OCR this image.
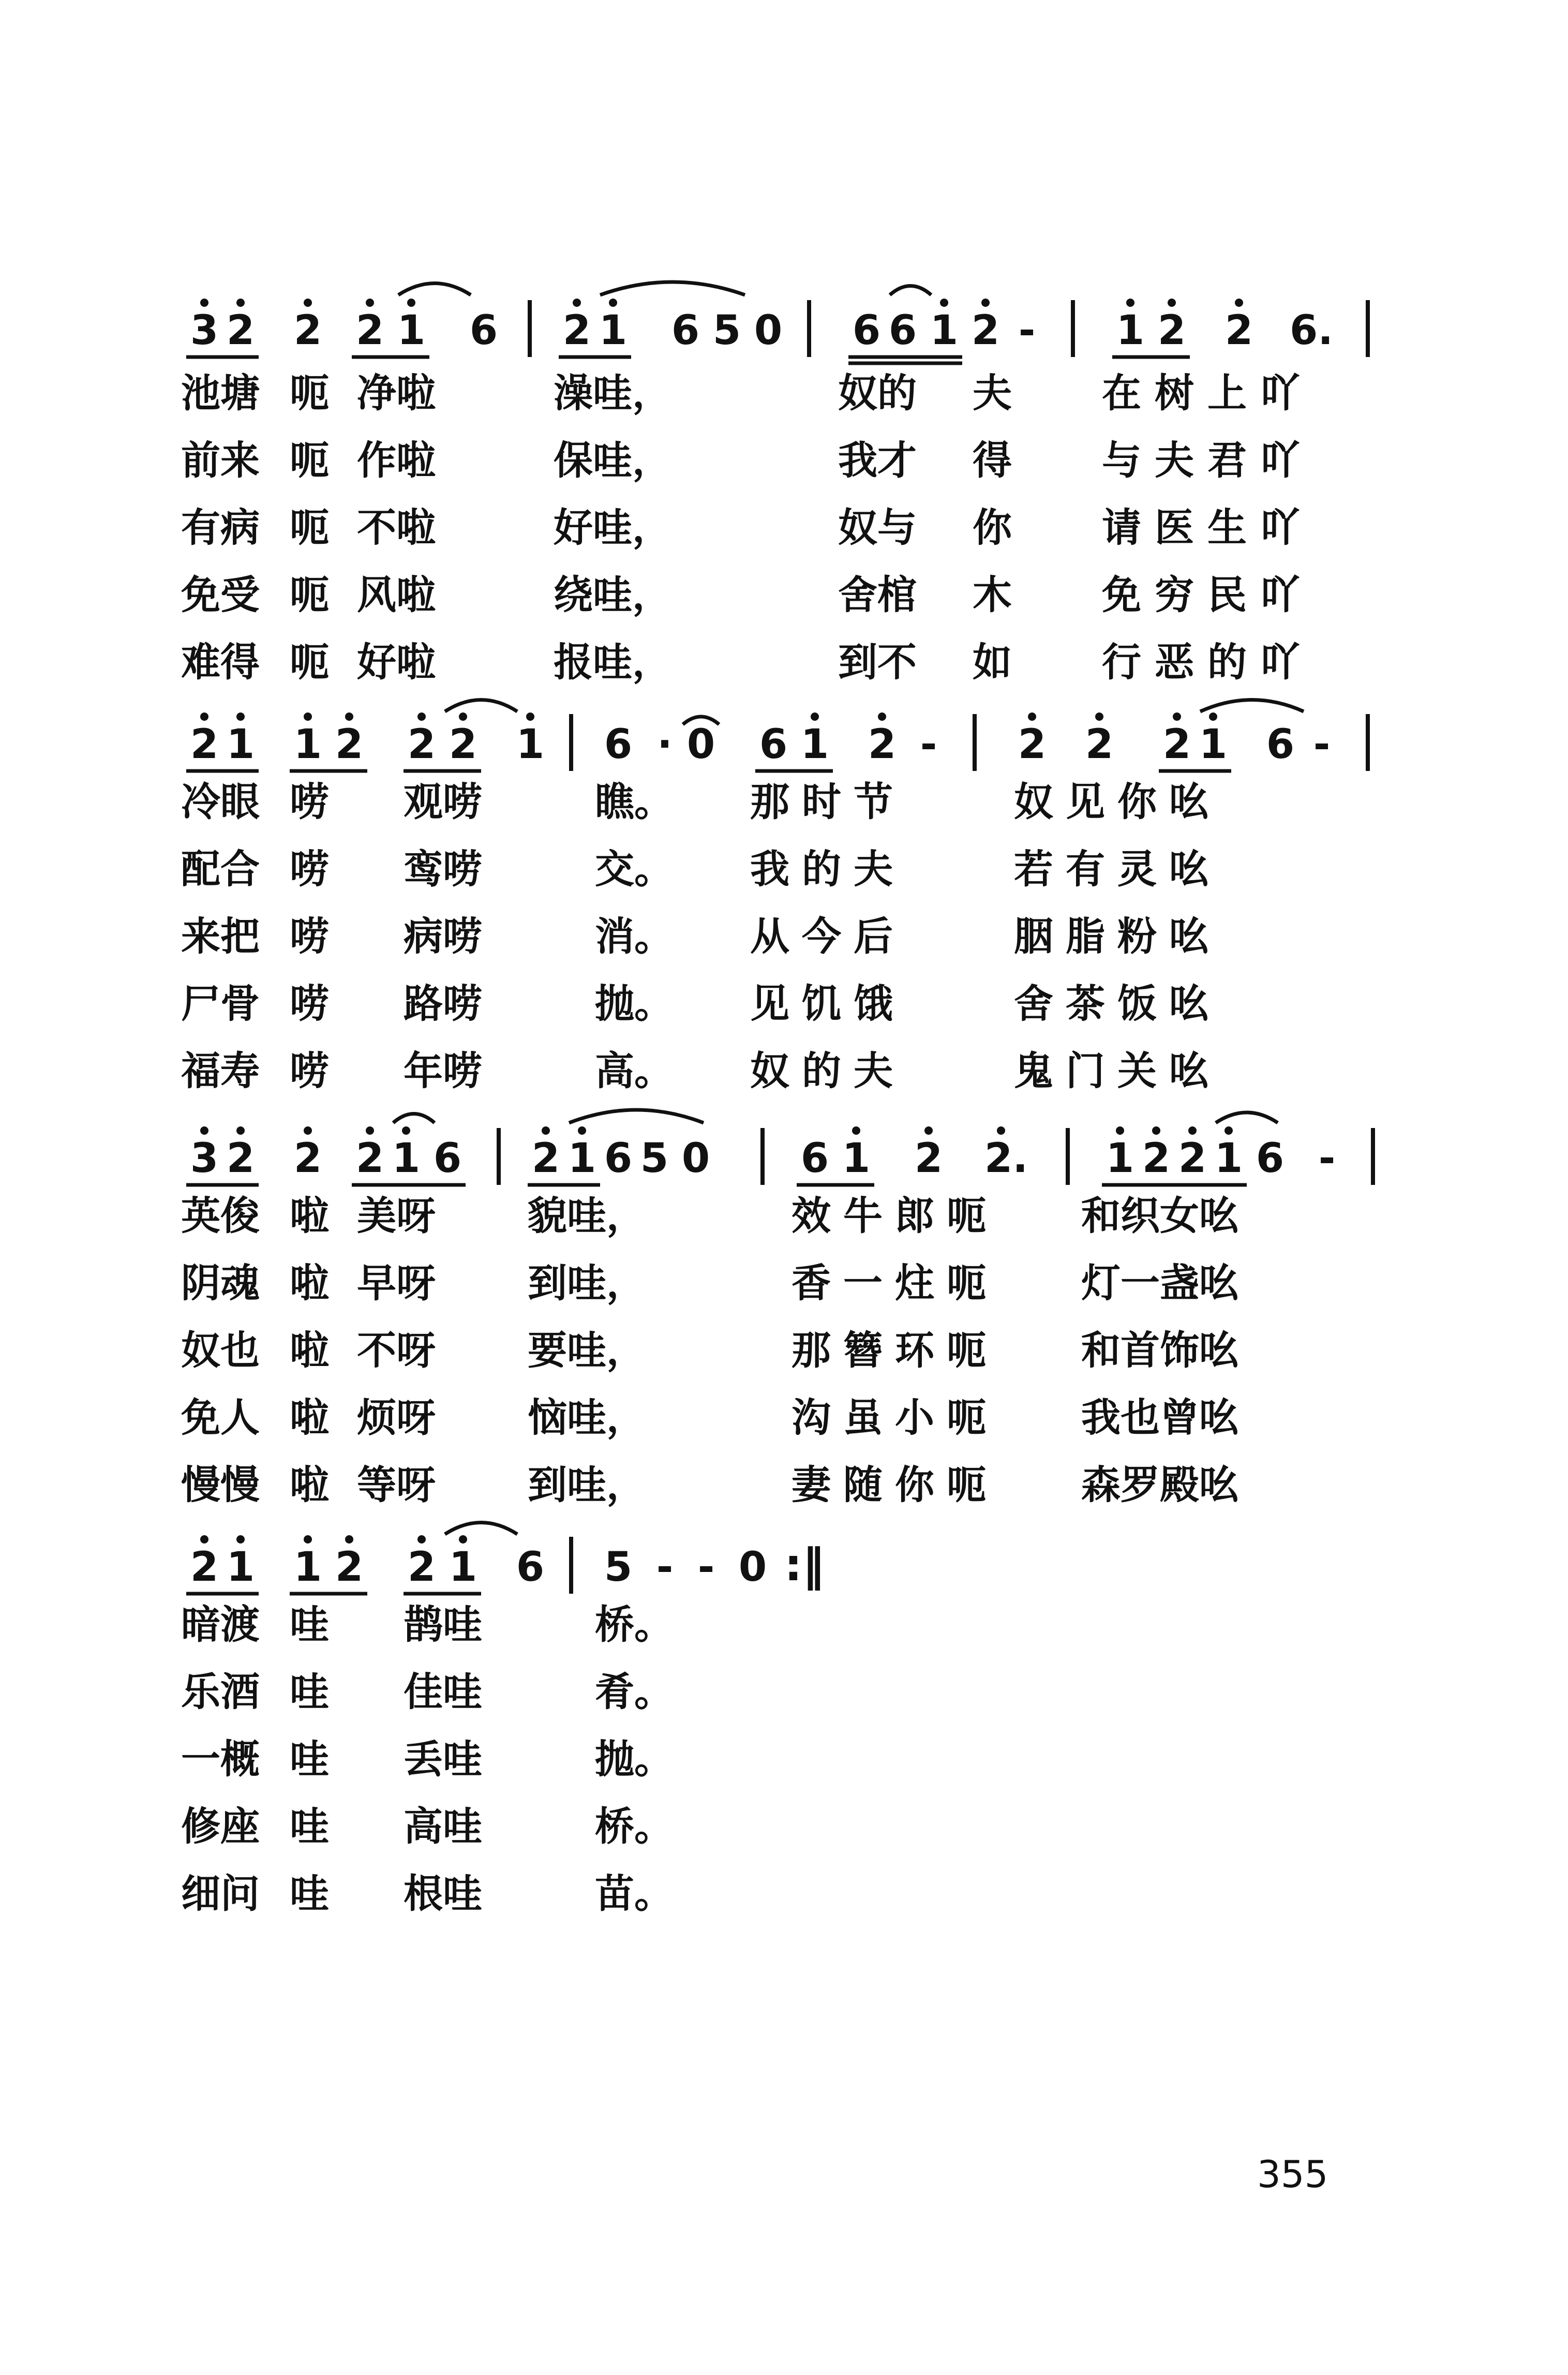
3 2 2 2 1 6 2 1 6 5 0 6 6 1 2 - 1 2 2 6.
池塘 呃 净啦	澡哇，	奴的 夫 在树上吖
前来 呃 作啦	保哇，	我才 得 与夫君吖
有病 呃 不啦	好哇，	奴与 你 请医生吖
免受 呃 风啦	绕哇，	舍棺 木 免穷民吖
难得 呃 好啦	报哇，	到不 如 行恶的吖
2 1 1 2 2 2 1 6 · 0 6 1 2 - 2 2 2 1 6 -
冷眼 唠 观唠	瞧。 那时节	奴见你吆
配合 唠 鸾唠	交。 我的夫	若有灵吆
来把 唠 病唠	消。 从今后	胭脂粉吆
尸骨 唠 路唠	抛。 见饥饿	舍茶饭吆
福寿 唠 年唠	高。 奴的夫	鬼门关吆
3 2 2 2 1 6 2 1 6 5 0 6 1 2 2. 1 2 2 1 6 -
英俊 啦 美呀 貌哇，	效牛郎呃 和织女吆
阴魂 啦 早呀 到哇，	香一炷呃 灯一盏吆
奴也 啦 不呀 要哇，	那簪环呃 和首饰吆
免人 啦 烦呀 恼哇，	沟虽小呃 我也曾吆
慢慢 啦 等呀 到哇，	妻随你呃 森罗殿吆
2 1 1 2 2 1 6 5 - - 0 :‖
暗渡 哇 鹊哇	桥。
乐酒 哇 佳哇	肴。
一概 哇 丢哇	抛。
修座 哇 高哇	桥。
细问 哇 根哇	苗。
355
